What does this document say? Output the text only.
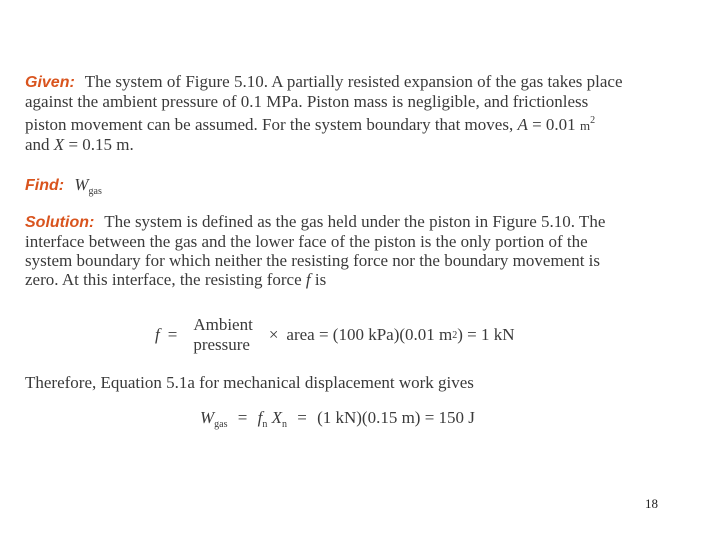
Given: The system of Figure 5.10. A partially resisted expansion of the gas takes place
against the ambient pressure of 0.1 MPa. Piston mass is negligible, and frictionless
piston movement can be assumed. For the system boundary that moves, A = 0.01 $m^2$
and X = 0.15 m.
Find: $W_{gas}$
Solution: The system is defined as the gas held under the piston in Figure 5.10. The
interface between the gas and the lower face of the piston is the only portion of the
system boundary for which neither the resisting force nor the boundary movement is
zero. At this interface, the resisting force f is
f =
Ambient
pressure
× area = (100 kPa)(0.01 m 2 ) = 1 kN
Therefore, Equation 5.1a for mechanical displacement work gives
$W_{gas} = f_n$ $X_n = (1$ kN)(0.15 m) = 150 J
18
